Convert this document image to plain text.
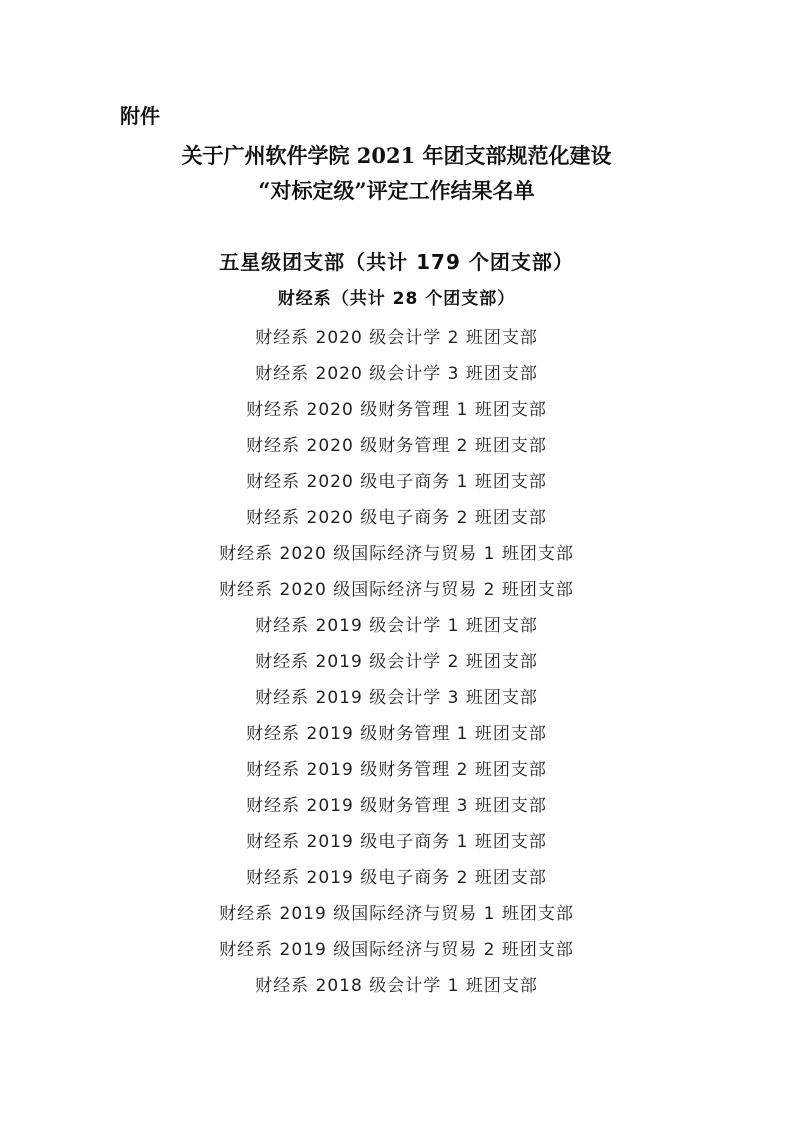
附件

关于广州软件学院 2021 年团支部规范化建设
“对标定级”评定工作结果名单
五星级团支部（共计 179 个团支部）
财经系（共计 28 个团支部）
财经系 2020 级会计学 2 班团支部
财经系 2020 级会计学 3 班团支部
财经系 2020 级财务管理 1 班团支部
财经系 2020 级财务管理 2 班团支部
财经系 2020 级电子商务 1 班团支部
财经系 2020 级电子商务 2 班团支部
财经系 2020 级国际经济与贸易 1 班团支部
财经系 2020 级国际经济与贸易 2 班团支部
财经系 2019 级会计学 1 班团支部
财经系 2019 级会计学 2 班团支部
财经系 2019 级会计学 3 班团支部
财经系 2019 级财务管理 1 班团支部
财经系 2019 级财务管理 2 班团支部
财经系 2019 级财务管理 3 班团支部
财经系 2019 级电子商务 1 班团支部
财经系 2019 级电子商务 2 班团支部
财经系 2019 级国际经济与贸易 1 班团支部
财经系 2019 级国际经济与贸易 2 班团支部
财经系 2018 级会计学 1 班团支部
